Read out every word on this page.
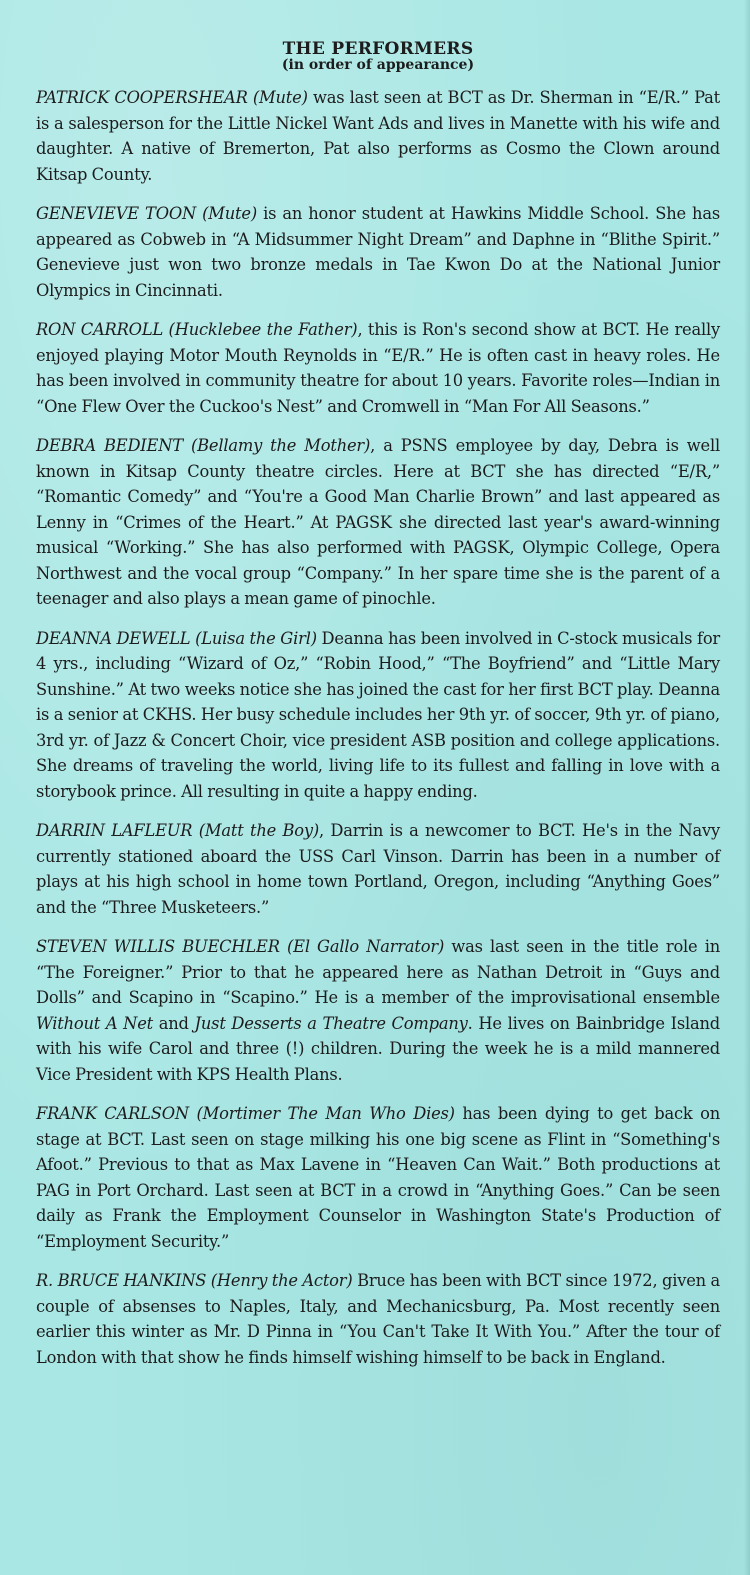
THE PERFORMERS
(in order of appearance)

PATRICK COOPERSHEAR (Mute) was last seen at BCT as Dr. Sherman in “E/R.” Pat is a salesperson for the Little Nickel Want Ads and lives in Manette with his wife and daughter. A native of Bremerton, Pat also performs as Cosmo the Clown around Kitsap County.

GENEVIEVE TOON (Mute) is an honor student at Hawkins Middle School. She has appeared as Cobweb in “A Midsummer Night Dream” and Daphne in “Blithe Spirit.” Genevieve just won two bronze medals in Tae Kwon Do at the National Junior Olympics in Cincinnati.

RON CARROLL (Hucklebee the Father), this is Ron's second show at BCT. He really enjoyed playing Motor Mouth Reynolds in “E/R.” He is often cast in heavy roles. He has been involved in community theatre for about 10 years. Favorite roles—Indian in “One Flew Over the Cuckoo's Nest” and Cromwell in “Man For All Seasons.”

DEBRA BEDIENT (Bellamy the Mother), a PSNS employee by day, Debra is well known in Kitsap County theatre circles. Here at BCT she has directed “E/R,” “Romantic Comedy” and “You're a Good Man Charlie Brown” and last appeared as Lenny in “Crimes of the Heart.” At PAGSK she directed last year's award-winning musical “Working.” She has also performed with PAGSK, Olympic College, Opera Northwest and the vocal group “Company.” In her spare time she is the parent of a teenager and also plays a mean game of pinochle.

DEANNA DEWELL (Luisa the Girl) Deanna has been involved in C-stock musicals for 4 yrs., including “Wizard of Oz,” “Robin Hood,” “The Boyfriend” and “Little Mary Sunshine.” At two weeks notice she has joined the cast for her first BCT play. Deanna is a senior at CKHS. Her busy schedule includes her 9th yr. of soccer, 9th yr. of piano, 3rd yr. of Jazz & Concert Choir, vice president ASB position and college applications. She dreams of traveling the world, living life to its fullest and falling in love with a storybook prince. All resulting in quite a happy ending.

DARRIN LAFLEUR (Matt the Boy), Darrin is a newcomer to BCT. He's in the Navy currently stationed aboard the USS Carl Vinson. Darrin has been in a number of plays at his high school in home town Portland, Oregon, including “Anything Goes” and the “Three Musketeers.”

STEVEN WILLIS BUECHLER (El Gallo Narrator) was last seen in the title role in “The Foreigner.” Prior to that he appeared here as Nathan Detroit in “Guys and Dolls” and Scapino in “Scapino.” He is a member of the improvisational ensemble Without A Net and Just Desserts a Theatre Company. He lives on Bainbridge Island with his wife Carol and three (!) children. During the week he is a mild mannered Vice President with KPS Health Plans.

FRANK CARLSON (Mortimer The Man Who Dies) has been dying to get back on stage at BCT. Last seen on stage milking his one big scene as Flint in “Something's Afoot.” Previous to that as Max Lavene in “Heaven Can Wait.” Both productions at PAG in Port Orchard. Last seen at BCT in a crowd in “Anything Goes.” Can be seen daily as Frank the Employment Counselor in Washington State's Production of “Employment Security.”

R. BRUCE HANKINS (Henry the Actor) Bruce has been with BCT since 1972, given a couple of absenses to Naples, Italy, and Mechanicsburg, Pa. Most recently seen earlier this winter as Mr. D Pinna in “You Can't Take It With You.” After the tour of London with that show he finds himself wishing himself to be back in England.
